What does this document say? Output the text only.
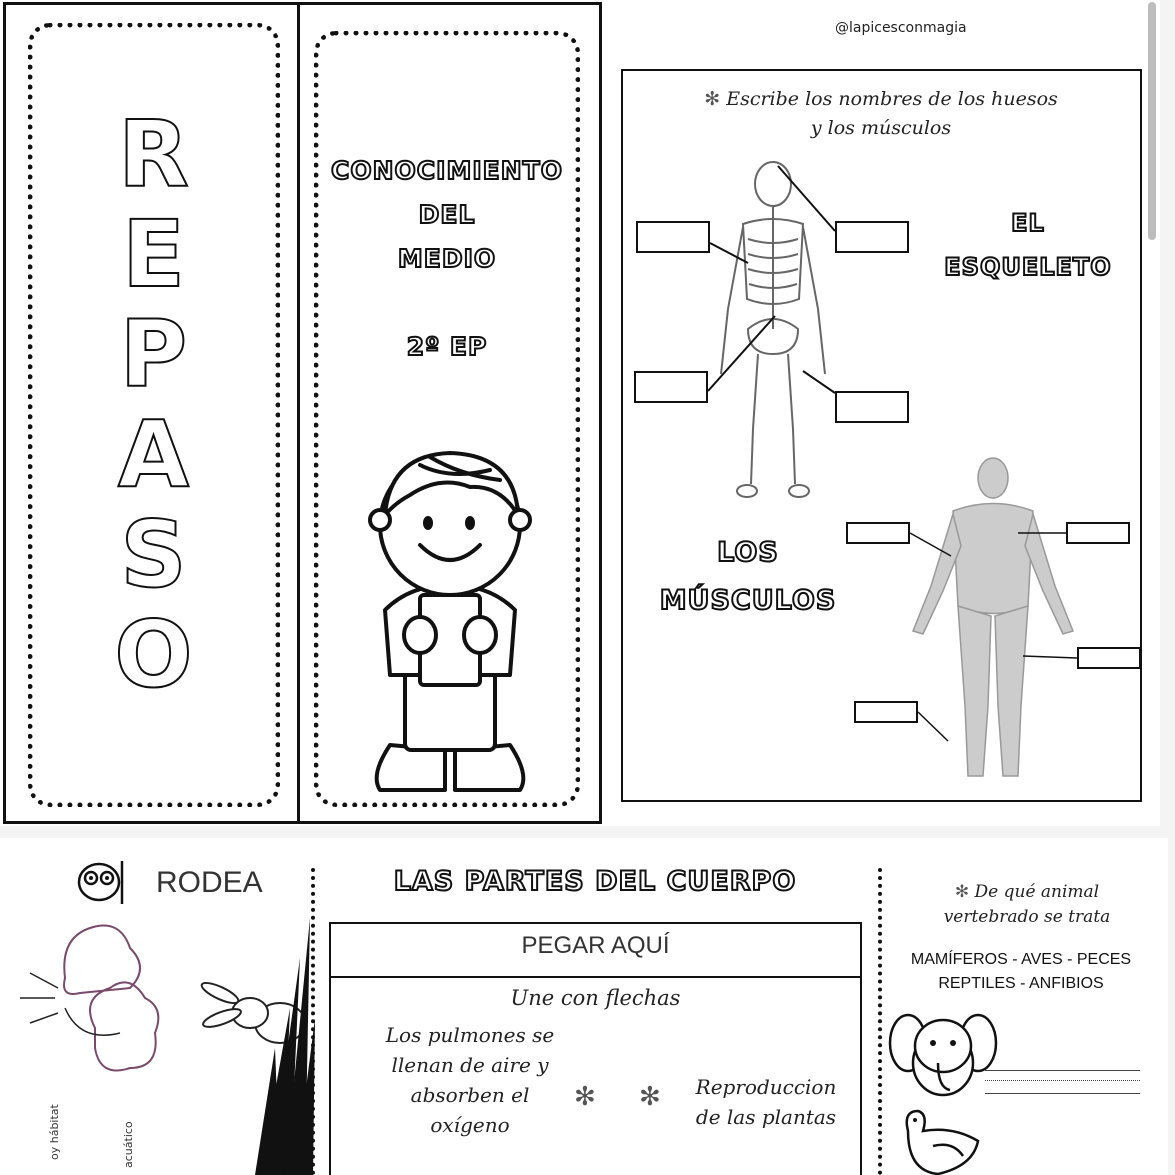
R
E
P
A
S
O
CONOCIMIENTO
DEL
MEDIO
2º EP
@lapicesconmagia
✻ Escribe los nombres de los huesos
y los músculos
EL
ESQUELETO
LOS
MÚSCULOS
RODEA
oy hábitat	acuático
LAS PARTES DEL CUERPO
PEGAR AQUÍ
Une con flechas
Los pulmones se
llenan de aire y
absorben el
oxígeno
✻ ✻	Reproduccion
de las plantas
✻ De qué animal
vertebrado se trata
MAMÍFEROS - AVES - PECES
REPTILES - ANFIBIOS
